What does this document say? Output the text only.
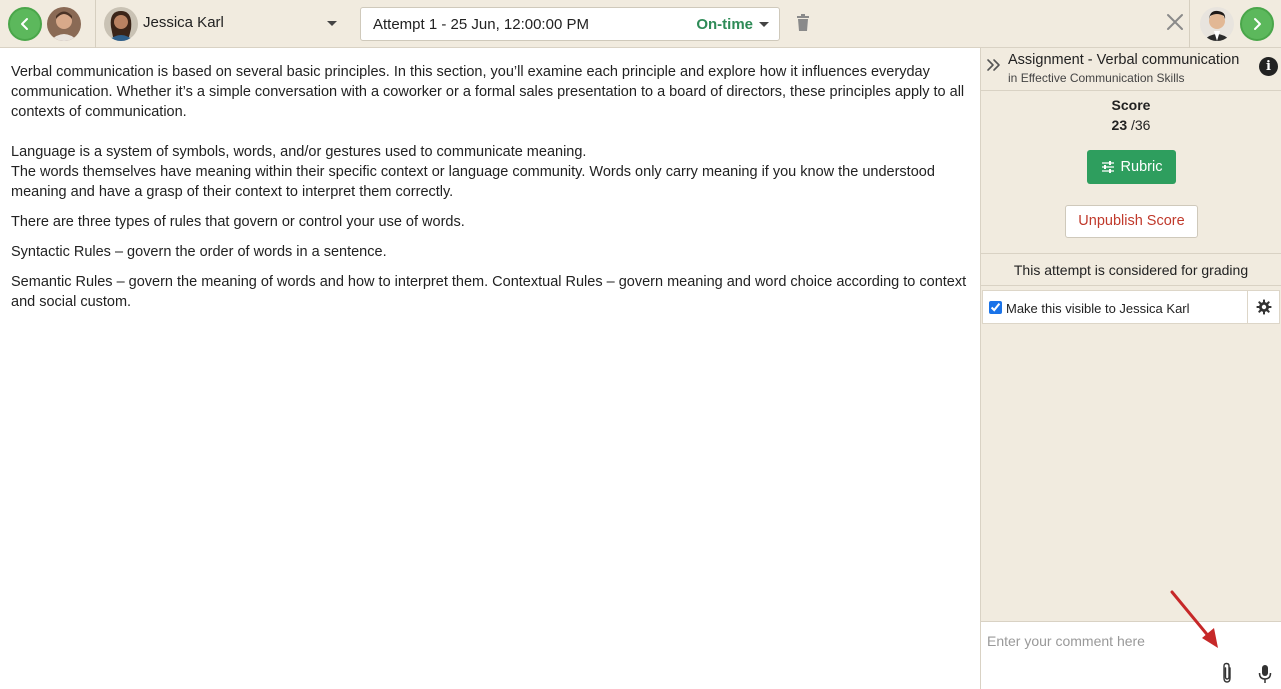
Jessica Karl	Attempt 1 - 25 Jun, 12:00:00 PM	On-time

Verbal communication is based on several basic principles. In this section, you’ll examine each principle and explore how it influences everyday communication. Whether it’s a simple conversation with a coworker or a formal sales presentation to a board of directors, these principles apply to all contexts of communication.

Language is a system of symbols, words, and/or gestures used to communicate meaning.

The words themselves have meaning within their specific context or language community. Words only carry meaning if you know the understood meaning and have a grasp of their context to interpret them correctly.

There are three types of rules that govern or control your use of words.

Syntactic Rules – govern the order of words in a sentence.

Semantic Rules – govern the meaning of words and how to interpret them. Contextual Rules – govern meaning and word choice according to context and social custom.

Assignment - Verbal communication
in Effective Communication Skills
i
Score
23 /36
Rubric
Unpublish Score
This attempt is considered for grading
Make this visible to Jessica Karl
Enter your comment here
